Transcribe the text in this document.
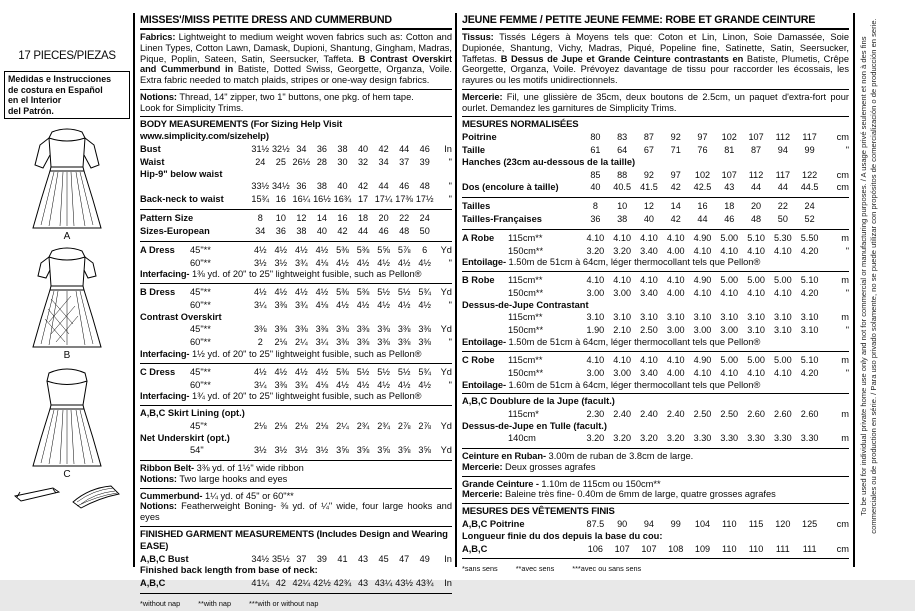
17 PIECES/PIEZAS
Medidas e Instrucciones
de costura en Español
en el Interior
del Patrón.
A
B
C
MISSES'/MISS PETITE DRESS AND CUMMERBUND
Fabrics: Lightweight to medium weight woven fabrics such as: Cotton and Linen Types, Cotton Lawn, Damask, Dupioni, Shantung, Gingham, Madras, Pique, Poplin, Sateen, Satin, Seersucker, Taffeta. B Contrast Overskirt and Cummerbund in Batiste, Dotted Swiss, Georgette, Organza, Voile. Extra fabric needed to match plaids, stripes or one-way design fabrics.
Notions: Thread, 14" zipper, two 1" buttons, one pkg. of hem tape.
Look for Simplicity Trims.
BODY MEASUREMENTS (For Sizing Help Visit www.simplicity.com/sizehelp)
Bust	31½ 32½ 34	36	38	40	42	44	46	In
Waist	24	25 26½ 28	30	32	34	37	39	"
Hip-9" below waist
33½ 34½ 36	38	40	42	44	46	48	"
Back-neck to waist	15¾ 16 16¼ 16½ 16¾ 17 17¼ 17⅜ 17½	"
Pattern Size	8	10	12	14	16	18	20	22	24
Sizes-European	34	36	38	40	42	44	46	48	50
A Dress 45"**	4½ 4½ 4½ 4½ 5⅜ 5⅜ 5⅝ 5⅞	6	Yd
60"**	3½ 3½ 3¾ 4⅛ 4½ 4½ 4½ 4½ 4½	"
Interfacing- 1⅜ yd. of 20" to 25" lightweight fusible, such as Pellon®
B Dress 45"**	4½ 4½ 4½ 4½ 5⅜ 5⅜ 5½ 5½ 5¾	Yd
60"**	3¼ 3⅜ 3¾ 4⅛ 4½ 4½ 4½ 4½ 4½	"
Contrast Overskirt
45"**	3⅜ 3⅜ 3⅜ 3⅜ 3⅜ 3⅜ 3⅜ 3⅜ 3⅜	Yd
60"**	2	2⅛ 2¼ 3¼ 3⅜ 3⅜ 3⅜ 3⅜ 3⅜	"
Interfacing- 1½ yd. of 20" to 25" lightweight fusible, such as Pellon®
C Dress 45"**	4½ 4½ 4½ 4½ 5⅜ 5½ 5½ 5½ 5¾	Yd
60"**	3¼ 3⅜ 3¾ 4⅛ 4½ 4½ 4½ 4½ 4½	"
Interfacing- 1¾ yd. of 20" to 25" lightweight fusible, such as Pellon®
A,B,C Skirt Lining (opt.)
45"*	2⅛ 2⅛ 2⅛ 2⅛ 2¼ 2¾ 2¾ 2⅞ 2⅞	Yd
Net Underskirt (opt.)
54"	3½ 3½ 3½ 3½ 3⅝ 3⅝ 3⅝ 3⅝ 3⅝	Yd
Ribbon Belt- 3⅜ yd. of 1½" wide ribbon
Notions: Two large hooks and eyes
Cummerbund- 1¼ yd. of 45" or 60"**
Notions: Featherweight Boning- ⅜ yd. of ¼" wide, four large hooks and eyes
FINISHED GARMENT MEASUREMENTS (Includes Design and Wearing EASE)
A,B,C Bust	34½ 35½ 37	39	41	43	45	47	49	In
Finished back length from base of neck:
A,B,C	41¼ 42 42¼ 42½ 42¾ 43 43¼ 43½ 43¾	In
*without nap **with nap ***with or without nap
JEUNE FEMME / PETITE JEUNE FEMME: ROBE ET GRANDE CEINTURE
Tissus: Tissés Légers à Moyens tels que: Coton et Lin, Linon, Soie Damassée, Soie Dupionée, Shantung, Vichy, Madras, Piqué, Popeline fine, Satinette, Satin, Seersucker, Taffetas. B Dessus de Jupe et Grande Ceinture contrastants en Batiste, Plumetis, Crêpe Georgette, Organza, Voile. Prévoyez davantage de tissu pour raccorder les écossais, les rayures ou les motifs unidirectionnels.
Mercerie: Fil, une glissière de 35cm, deux boutons de 2.5cm, un paquet d'extra-fort pour ourlet. Demandez les garnitures de Simplicity Trims.
MESURES NORMALISÉES
Poitrine	80	83	87	92	97	102	107	112	117	cm
Taille	61	64	67	71	76	81	87	94	99	"
Hanches (23cm au-dessous de la taille)
85	88	92	97	102	107	112	117	122	cm
Dos (encolure à taille)	40	40.5 41.5	42	42.5	43	44	44	44.5	cm
Tailles	8	10	12	14	16	18	20	22	24
Tailles-Françaises	36	38	40	42	44	46	48	50	52
A Robe 115cm**	4.10 4.10 4.10 4.10 4.90 5.00 5.10 5.30 5.50	m
150cm**	3.20 3.20 3.40 4.00 4.10 4.10 4.10 4.10 4.20	"
Entoilage- 1.50m de 51cm à 64cm, léger thermocollant tels que Pellon®
B Robe 115cm**	4.10 4.10 4.10 4.10 4.90 5.00 5.00 5.00 5.10	m
150cm**	3.00 3.00 3.40 4.00 4.10 4.10 4.10 4.10 4.20	"
Dessus-de-Jupe Contrastant
115cm**	3.10 3.10 3.10 3.10 3.10 3.10 3.10 3.10 3.10	m
150cm**	1.90 2.10 2.50 3.00 3.00 3.00 3.10 3.10 3.10	"
Entoilage- 1.50m de 51cm à 64cm, léger thermocollant tels que Pellon®
C Robe 115cm**	4.10 4.10 4.10 4.10 4.90 5.00 5.00 5.00 5.10	m
150cm**	3.00 3.00 3.40 4.00 4.10 4.10 4.10 4.10 4.20	"
Entoilage- 1.60m de 51cm à 64cm, léger thermocollant tels que Pellon®
A,B,C Doublure de la Jupe (facult.)
115cm*	2.30 2.40 2.40 2.40 2.50 2.50 2.60 2.60 2.60	m
Dessus-de-Jupe en Tulle (facult.)
140cm	3.20 3.20 3.20 3.20 3.30 3.30 3.30 3.30 3.30	m
Ceinture en Ruban- 3.00m de ruban de 3.8cm de large.
Mercerie: Deux grosses agrafes
Grande Ceinture - 1.10m de 115cm ou 150cm**
Mercerie: Baleine très fine- 0.40m de 6mm de large, quatre grosses agrafes
MESURES DES VÊTEMENTS FINIS
A,B,C Poitrine	87.5	90	94	99	104	110	115	120	125	cm
Longueur finie du dos depuis la base du cou:
A,B,C	106	107	107	108	109	110	110	111	111	cm
*sans sens **avec sens ***avec ou sans sens
To be used for individual private home use only and not for commercial or manufacturing purposes. / A usage privé seulement et non à des fins commerciales ou de production en série. / Para uso privado solamente, no se puede utilizar con propósitos de comercialización o de producción en serie.
